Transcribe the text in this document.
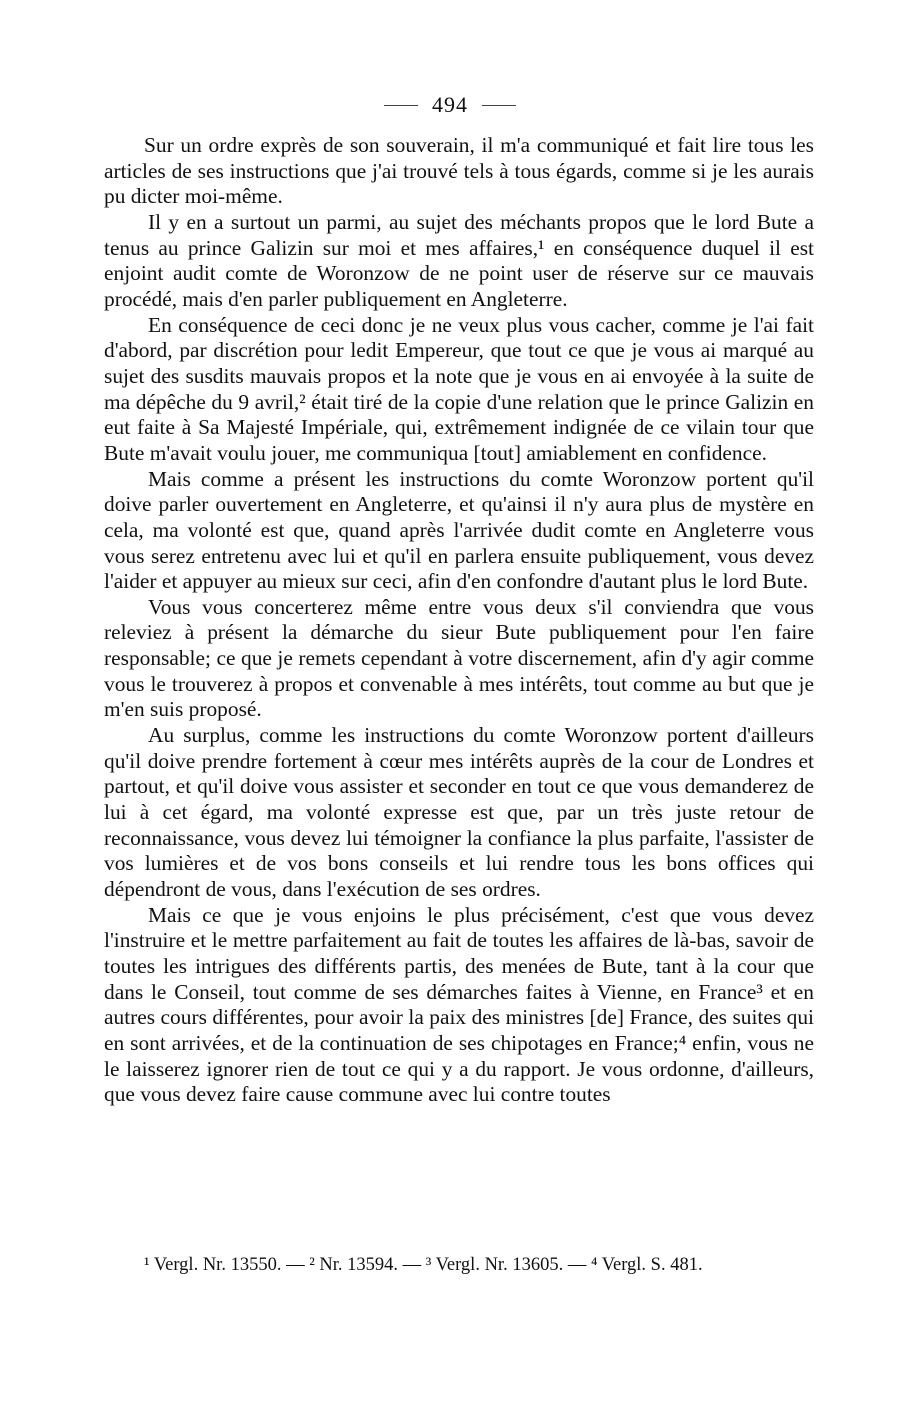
494

Sur un ordre exprès de son souverain, il m'a communiqué et fait lire tous les articles de ses instructions que j'ai trouvé tels à tous égards, comme si je les aurais pu dicter moi-même.

Il y en a surtout un parmi, au sujet des méchants propos que le lord Bute a tenus au prince Galizin sur moi et mes affaires,¹ en conséquence duquel il est enjoint audit comte de Woronzow de ne point user de réserve sur ce mauvais procédé, mais d'en parler publiquement en Angleterre.

En conséquence de ceci donc je ne veux plus vous cacher, comme je l'ai fait d'abord, par discrétion pour ledit Empereur, que tout ce que je vous ai marqué au sujet des susdits mauvais propos et la note que je vous en ai envoyée à la suite de ma dépêche du 9 avril,² était tiré de la copie d'une relation que le prince Galizin en eut faite à Sa Majesté Impériale, qui, extrêmement indignée de ce vilain tour que Bute m'avait voulu jouer, me communiqua [tout] amiablement en confidence.

Mais comme a présent les instructions du comte Woronzow portent qu'il doive parler ouvertement en Angleterre, et qu'ainsi il n'y aura plus de mystère en cela, ma volonté est que, quand après l'arrivée dudit comte en Angleterre vous vous serez entretenu avec lui et qu'il en parlera ensuite publiquement, vous devez l'aider et appuyer au mieux sur ceci, afin d'en confondre d'autant plus le lord Bute.

Vous vous concerterez même entre vous deux s'il conviendra que vous releviez à présent la démarche du sieur Bute publiquement pour l'en faire responsable; ce que je remets cependant à votre discernement, afin d'y agir comme vous le trouverez à propos et convenable à mes intérêts, tout comme au but que je m'en suis proposé.

Au surplus, comme les instructions du comte Woronzow portent d'ailleurs qu'il doive prendre fortement à cœur mes intérêts auprès de la cour de Londres et partout, et qu'il doive vous assister et seconder en tout ce que vous demanderez de lui à cet égard, ma volonté expresse est que, par un très juste retour de reconnaissance, vous devez lui témoigner la confiance la plus parfaite, l'assister de vos lumières et de vos bons conseils et lui rendre tous les bons offices qui dépendront de vous, dans l'exécution de ses ordres.

Mais ce que je vous enjoins le plus précisément, c'est que vous devez l'instruire et le mettre parfaitement au fait de toutes les affaires de là-bas, savoir de toutes les intrigues des différents partis, des menées de Bute, tant à la cour que dans le Conseil, tout comme de ses démarches faites à Vienne, en France³ et en autres cours différentes, pour avoir la paix des ministres [de] France, des suites qui en sont arrivées, et de la continuation de ses chipotages en France;⁴ enfin, vous ne le laisserez ignorer rien de tout ce qui y a du rapport. Je vous ordonne, d'ailleurs, que vous devez faire cause commune avec lui contre toutes

¹ Vergl. Nr. 13550. — ² Nr. 13594. — ³ Vergl. Nr. 13605. — ⁴ Vergl. S. 481.
